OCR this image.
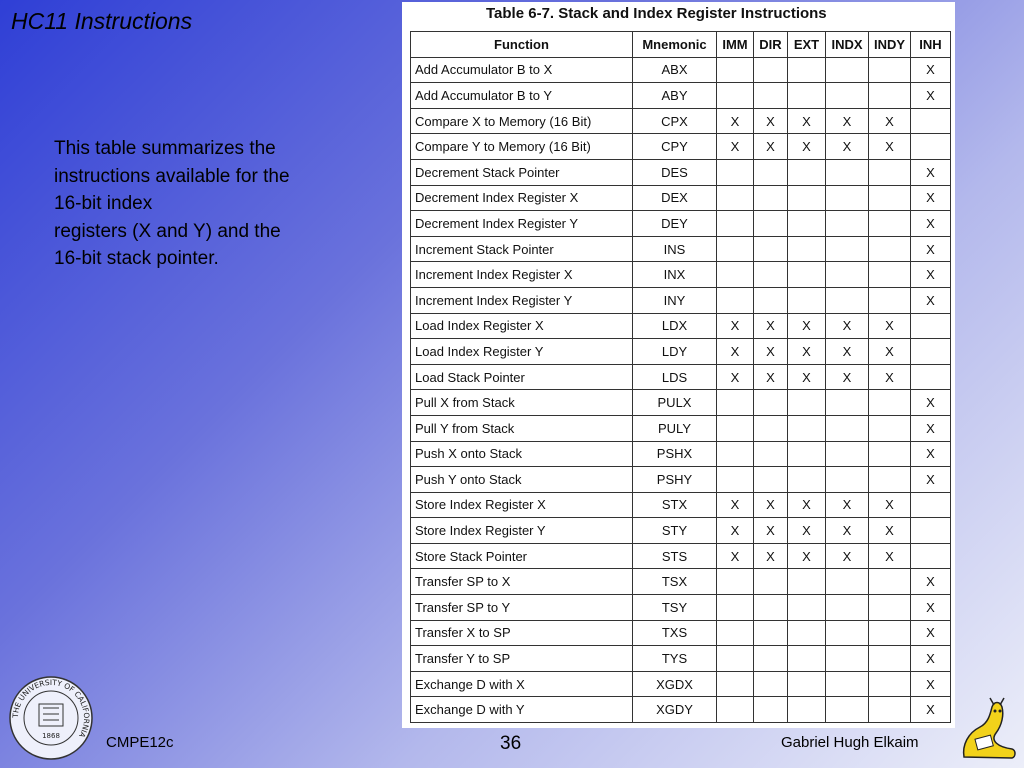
HC11 Instructions
This table summarizes the
instructions available for the
16-bit index
registers (X and Y) and the
16-bit stack pointer.
Table 6-7. Stack and Index Register Instructions
Function	Mnemonic	IMM	DIR	EXT	INDX	INDY	INH
Add Accumulator B to X	ABX						X
Add Accumulator B to Y	ABY						X
Compare X to Memory (16 Bit)	CPX	X	X	X	X	X	
Compare Y to Memory (16 Bit)	CPY	X	X	X	X	X	
Decrement Stack Pointer	DES						X
Decrement Index Register X	DEX						X
Decrement Index Register Y	DEY						X
Increment Stack Pointer	INS						X
Increment Index Register X	INX						X
Increment Index Register Y	INY						X
Load Index Register X	LDX	X	X	X	X	X	
Load Index Register Y	LDY	X	X	X	X	X	
Load Stack Pointer	LDS	X	X	X	X	X	
Pull X from Stack	PULX						X
Pull Y from Stack	PULY						X
Push X onto Stack	PSHX						X
Push Y onto Stack	PSHY						X
Store Index Register X	STX	X	X	X	X	X	
Store Index Register Y	STY	X	X	X	X	X	
Store Stack Pointer	STS	X	X	X	X	X	
Transfer SP to X	TSX						X
Transfer SP to Y	TSY						X
Transfer X to SP	TXS						X
Transfer Y to SP	TYS						X
Exchange D with X	XGDX						X
Exchange D with Y	XGDY						X
THE UNIVERSITY OF CALIFORNIA
1868	CMPE12c	36	Gabriel Hugh Elkaim
